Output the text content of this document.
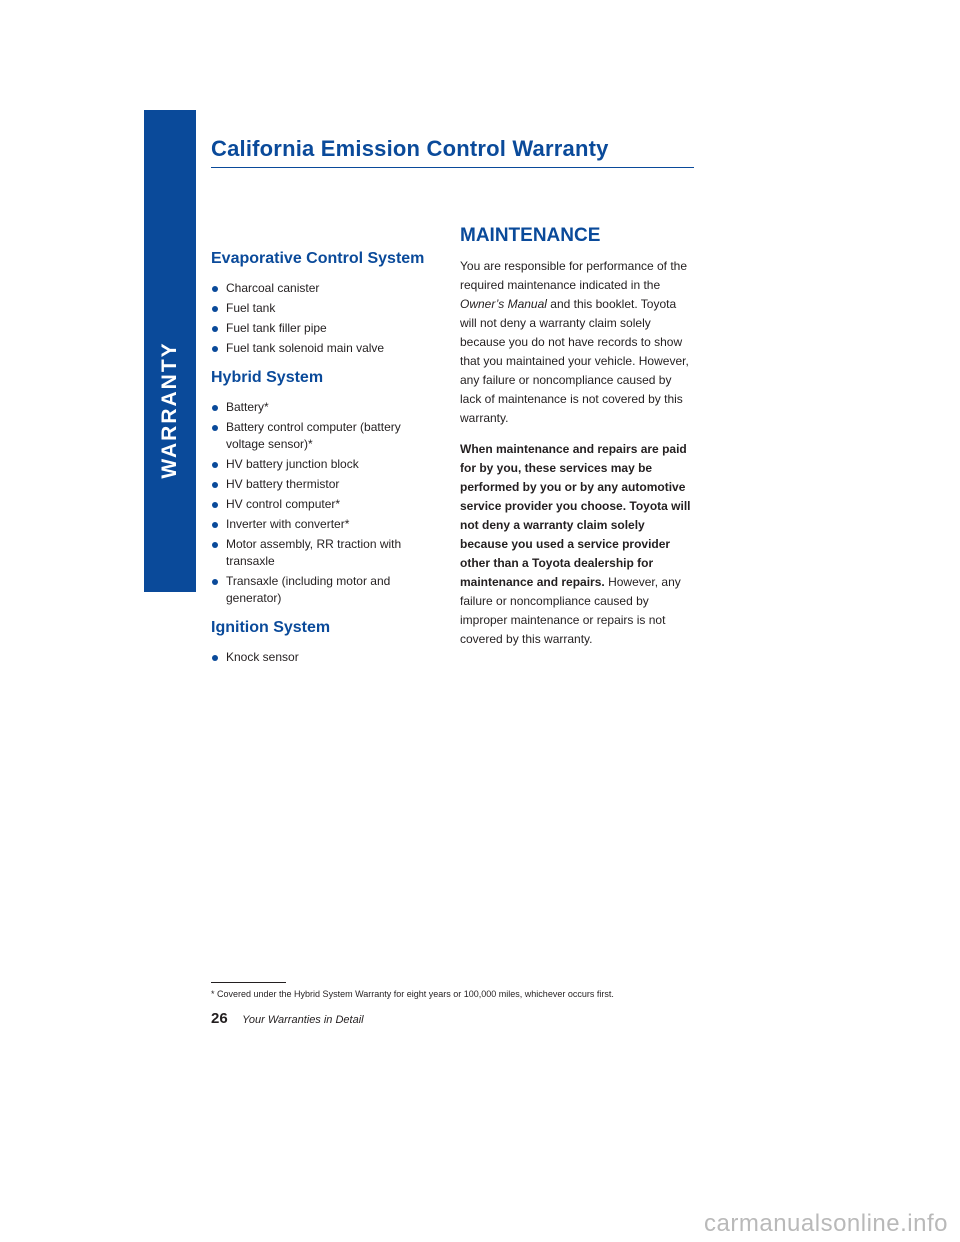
WARRANTY
California Emission Control Warranty
Evaporative Control System
Charcoal canister
Fuel tank
Fuel tank filler pipe
Fuel tank solenoid main valve
Hybrid System
Battery*
Battery control computer (battery voltage sensor)*
HV battery junction block
HV battery thermistor
HV control computer*
Inverter with converter*
Motor assembly, RR traction with transaxle
Transaxle (including motor and generator)
Ignition System
Knock sensor
MAINTENANCE

You are responsible for performance of the required maintenance indicated in the Owner’s Manual and this booklet. Toyota will not deny a warranty claim solely because you do not have records to show that you maintained your vehicle. However, any failure or noncompliance caused by lack of maintenance is not covered by this warranty.

When maintenance and repairs are paid for by you, these services may be performed by you or by any automotive service provider you choose. Toyota will not deny a warranty claim solely because you used a service provider other than a Toyota dealership for maintenance and repairs. However, any failure or noncompliance caused by improper maintenance or repairs is not covered by this warranty.

* Covered under the Hybrid System Warranty for eight years or 100,000 miles, whichever occurs first.
26 Your Warranties in Detail
carmanualsonline.info
